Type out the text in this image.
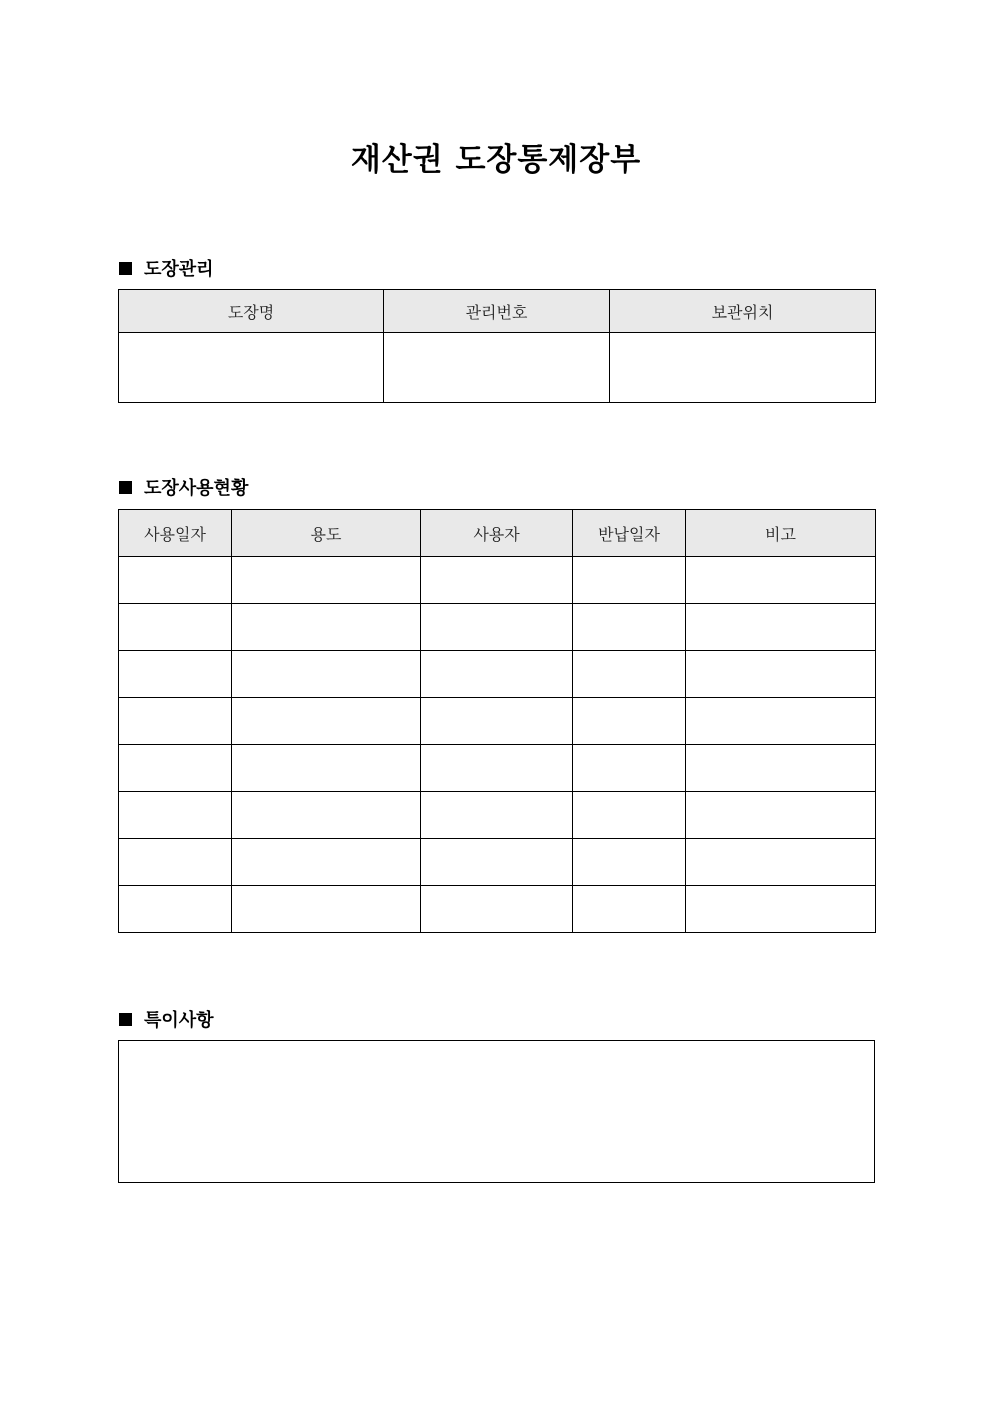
재산권 도장통제장부
도장관리
도장명	관리번호	보관위치

도장사용현황
사용일자	용도	사용자	반납일자	비고

특이사항
